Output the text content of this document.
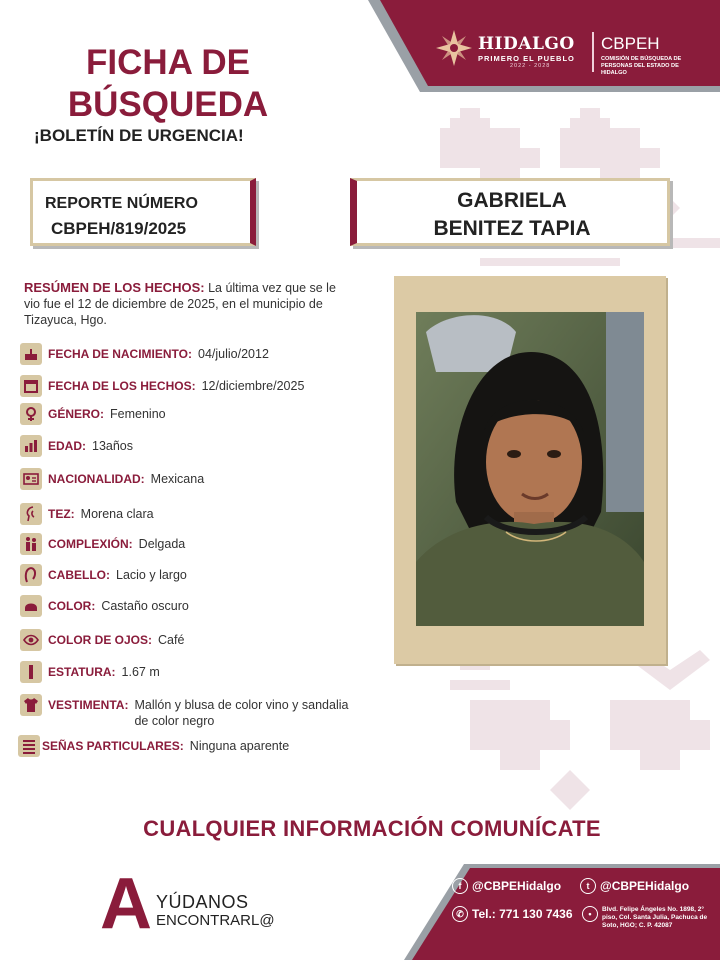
HIDALGO
PRIMERO EL PUEBLO
2022 - 2028
CBPEH
COMISIÓN DE BÚSQUEDA DE PERSONAS DEL ESTADO DE HIDALGO
FICHA DE
BÚSQUEDA
¡BOLETÍN DE URGENCIA!
REPORTE NÚMERO
CBPEH/819/2025
GABRIELA
BENITEZ TAPIA
RESÚMEN DE LOS HECHOS: La última vez que se le vio fue el 12 de diciembre de 2025, en el municipio de Tizayuca, Hgo.
FECHA DE NACIMIENTO: 04/julio/2012
FECHA DE LOS HECHOS: 12/diciembre/2025
GÉNERO: Femenino
EDAD: 13años
NACIONALIDAD: Mexicana
TEZ: Morena clara
COMPLEXIÓN: Delgada
CABELLO: Lacio y largo
COLOR: Castaño oscuro
COLOR DE OJOS: Café
ESTATURA: 1.67 m
VESTIMENTA: Mallón y blusa de color vino y sandalia de color negro
SEÑAS PARTICULARES: Ninguna aparente
CUALQUIER INFORMACIÓN COMUNÍCATE
A YÚDANOS
ENCONTRARL@
f @CBPEHidalgo	t @CBPEHidalgo
✆ Tel.: 771 130 7436	•	Blvd. Felipe Ángeles No. 1898, 2° piso, Col. Santa Julia, Pachuca de Soto, HGO; C. P. 42087
